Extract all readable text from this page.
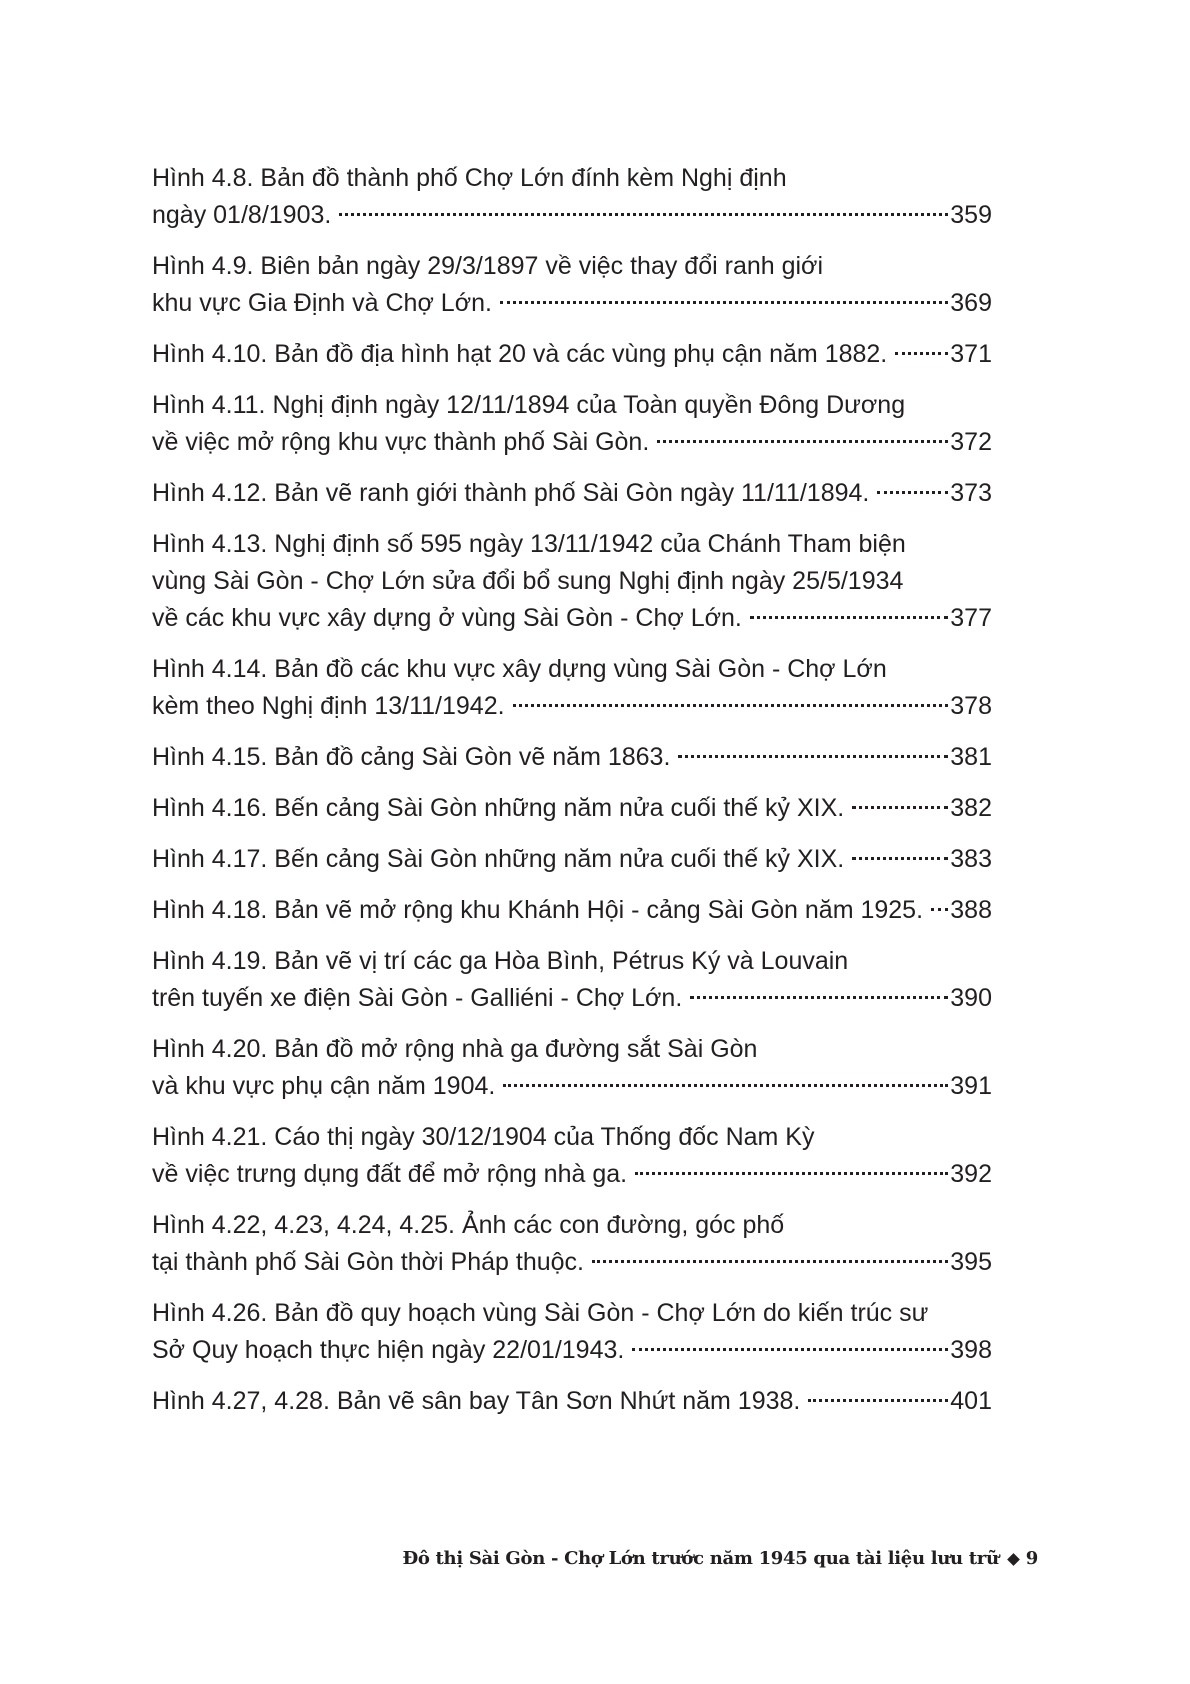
Hình 4.8. Bản đồ thành phố Chợ Lớn đính kèm Nghị định
ngày 01/8/1903.	359
Hình 4.9. Biên bản ngày 29/3/1897 về việc thay đổi ranh giới
khu vực Gia Định và Chợ Lớn.	369
Hình 4.10. Bản đồ địa hình hạt 20 và các vùng phụ cận năm 1882.	371
Hình 4.11. Nghị định ngày 12/11/1894 của Toàn quyền Đông Dương
về việc mở rộng khu vực thành phố Sài Gòn.	372
Hình 4.12. Bản vẽ ranh giới thành phố Sài Gòn ngày 11/11/1894.	373
Hình 4.13. Nghị định số 595 ngày 13/11/1942 của Chánh Tham biện
vùng Sài Gòn - Chợ Lớn sửa đổi bổ sung Nghị định ngày 25/5/1934
về các khu vực xây dựng ở vùng Sài Gòn - Chợ Lớn.	377
Hình 4.14. Bản đồ các khu vực xây dựng vùng Sài Gòn - Chợ Lớn
kèm theo Nghị định 13/11/1942.	378
Hình 4.15. Bản đồ cảng Sài Gòn vẽ năm 1863.	381
Hình 4.16. Bến cảng Sài Gòn những năm nửa cuối thế kỷ XIX.	382
Hình 4.17. Bến cảng Sài Gòn những năm nửa cuối thế kỷ XIX.	383
Hình 4.18. Bản vẽ mở rộng khu Khánh Hội - cảng Sài Gòn năm 1925. 388
Hình 4.19. Bản vẽ vị trí các ga Hòa Bình, Pétrus Ký và Louvain
trên tuyến xe điện Sài Gòn - Galliéni - Chợ Lớn.	390
Hình 4.20. Bản đồ mở rộng nhà ga đường sắt Sài Gòn
và khu vực phụ cận năm 1904.	391
Hình 4.21. Cáo thị ngày 30/12/1904 của Thống đốc Nam Kỳ
về việc trưng dụng đất để mở rộng nhà ga.	392
Hình 4.22, 4.23, 4.24, 4.25. Ảnh các con đường, góc phố
tại thành phố Sài Gòn thời Pháp thuộc.	395
Hình 4.26. Bản đồ quy hoạch vùng Sài Gòn - Chợ Lớn do kiến trúc sư
Sở Quy hoạch thực hiện ngày 22/01/1943.	398
Hình 4.27, 4.28. Bản vẽ sân bay Tân Sơn Nhứt năm 1938.	401
Đô thị Sài Gòn - Chợ Lớn trước năm 1945 qua tài liệu lưu trữ 9
